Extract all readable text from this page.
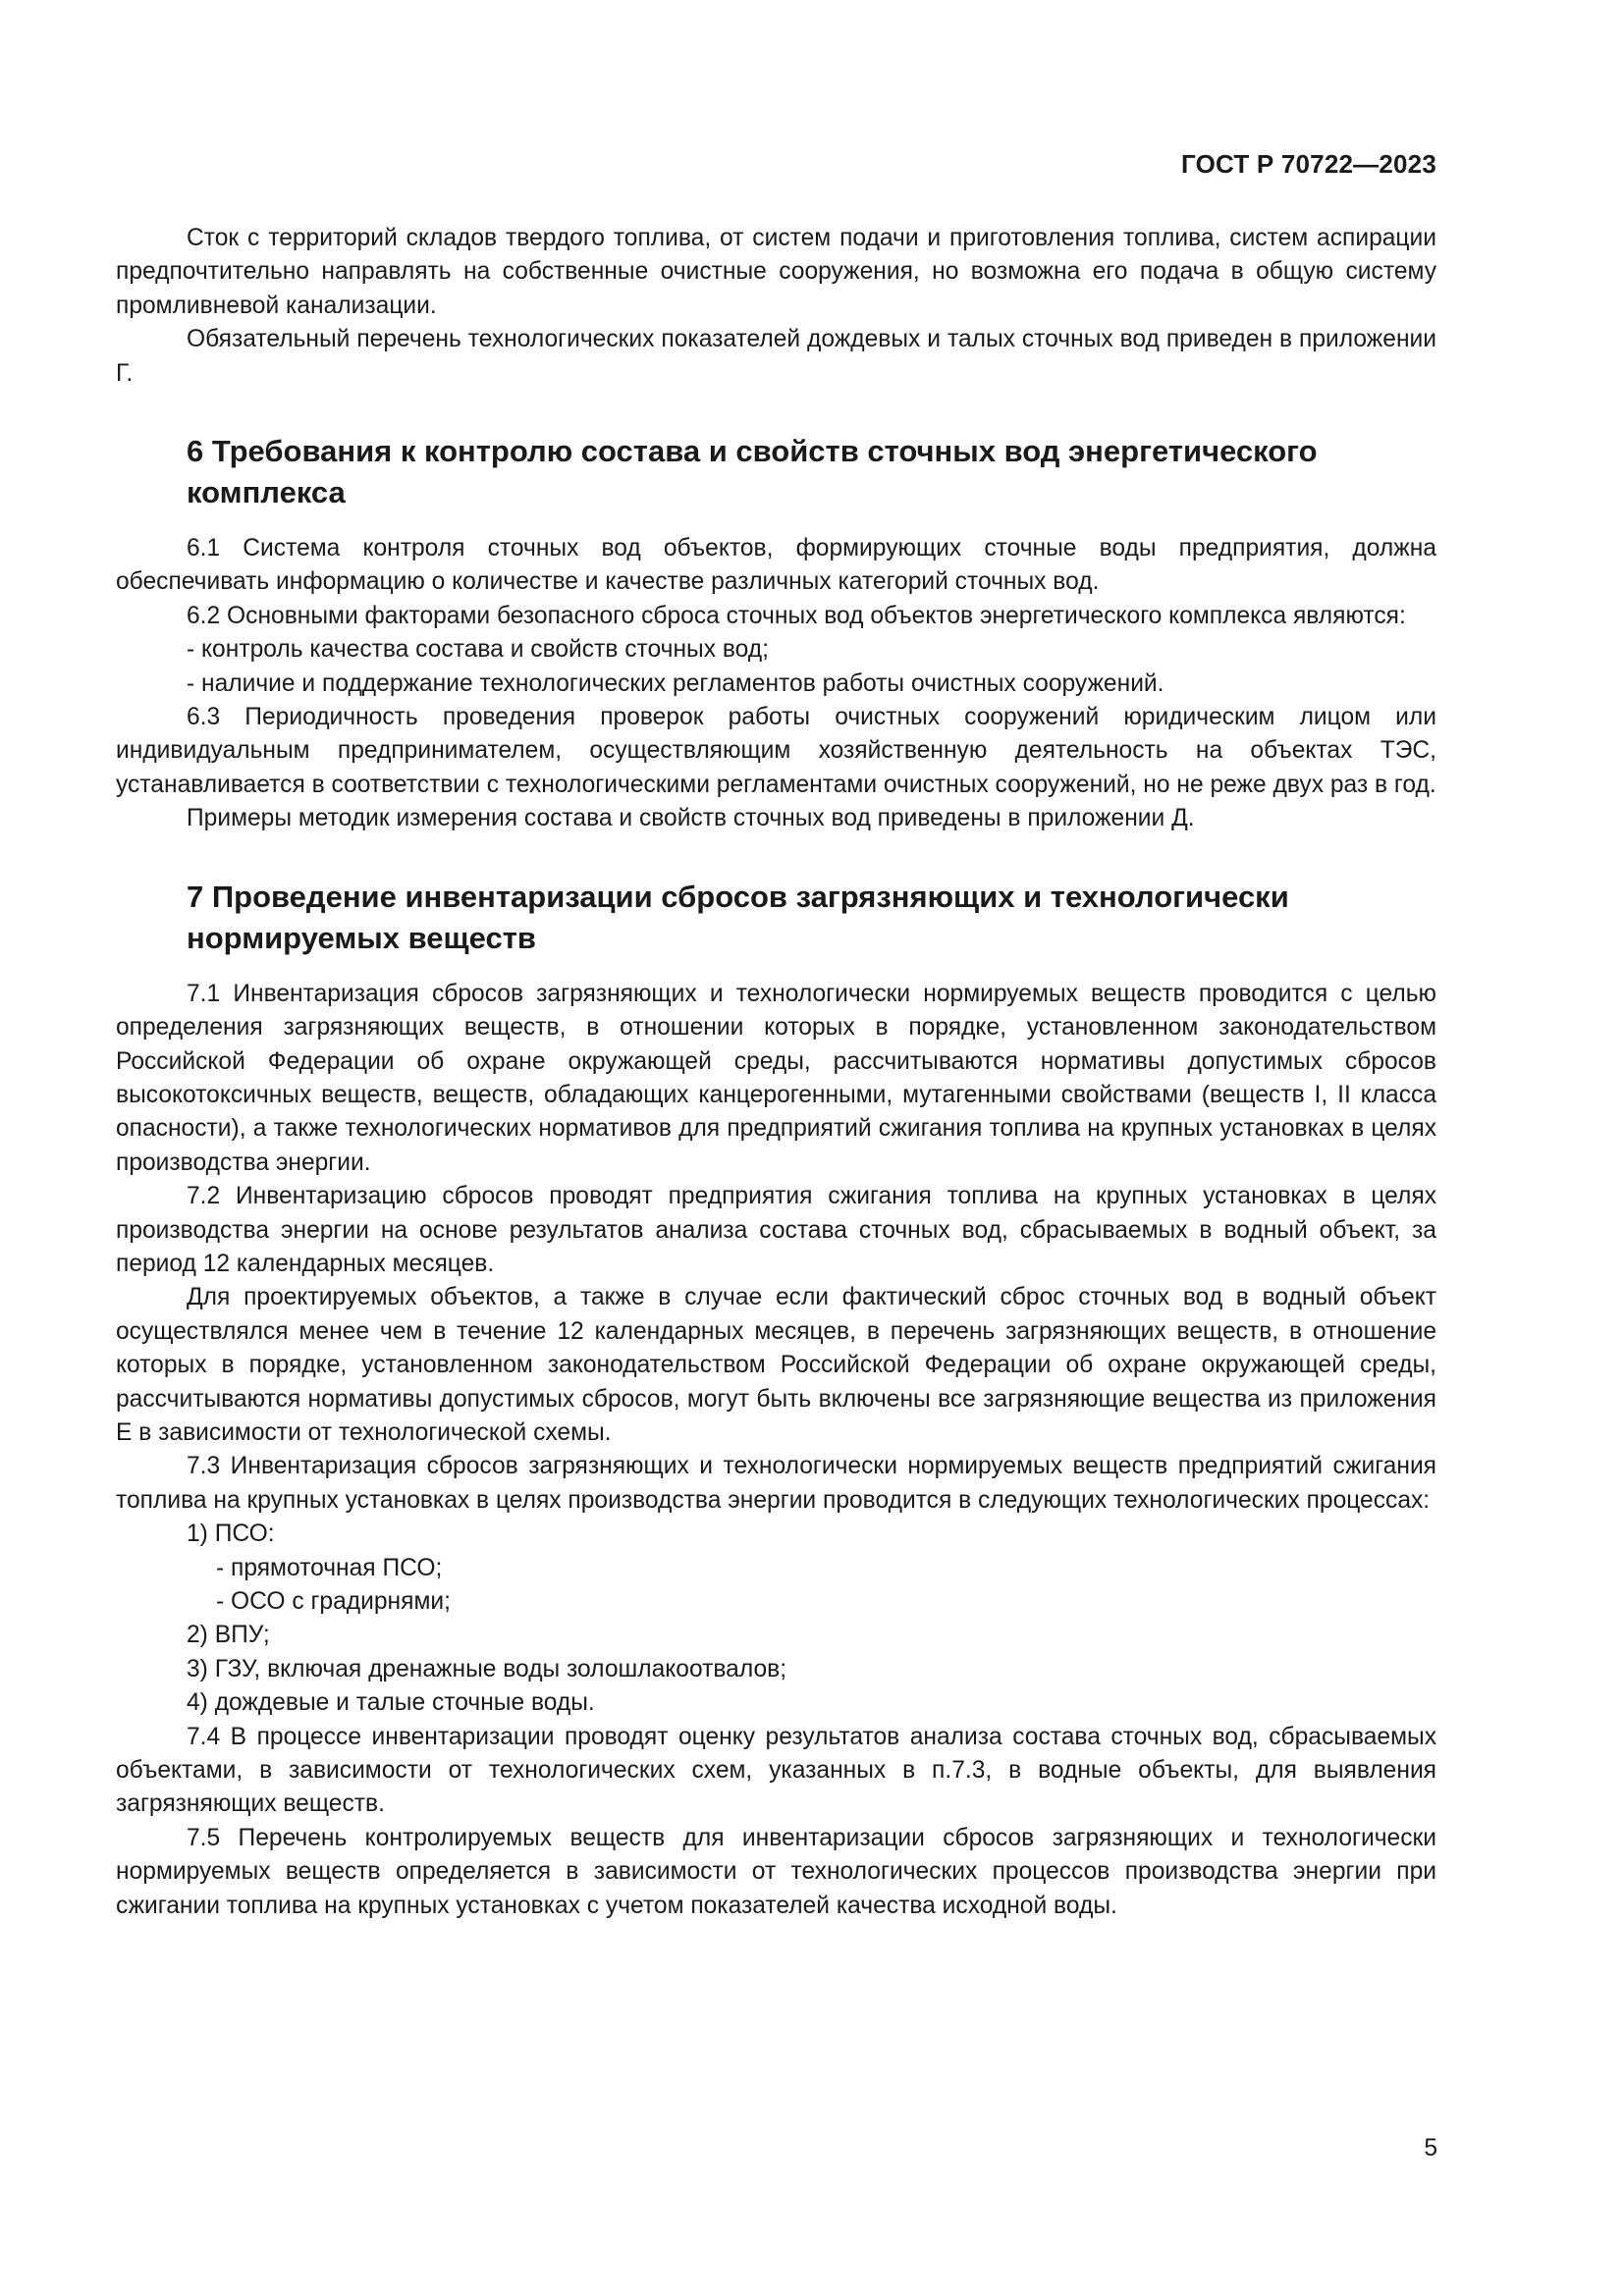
ГОСТ Р 70722—2023

Сток с территорий складов твердого топлива, от систем подачи и приготовления топлива, систем аспирации предпочтительно направлять на собственные очистные сооружения, но возможна его подача в общую систему промливневой канализации.

Обязательный перечень технологических показателей дождевых и талых сточных вод приведен в приложении Г.

6 Требования к контролю состава и свойств сточных вод энергетического комплекса

6.1 Система контроля сточных вод объектов, формирующих сточные воды предприятия, должна обеспечивать информацию о количестве и качестве различных категорий сточных вод.

6.2 Основными факторами безопасного сброса сточных вод объектов энергетического комплекса являются:

- контроль качества состава и свойств сточных вод;

- наличие и поддержание технологических регламентов работы очистных сооружений.

6.3 Периодичность проведения проверок работы очистных сооружений юридическим лицом или индивидуальным предпринимателем, осуществляющим хозяйственную деятельность на объектах ТЭС, устанавливается в соответствии с технологическими регламентами очистных сооружений, но не реже двух раз в год.

Примеры методик измерения состава и свойств сточных вод приведены в приложении Д.

7 Проведение инвентаризации сбросов загрязняющих и технологически нормируемых веществ

7.1 Инвентаризация сбросов загрязняющих и технологически нормируемых веществ проводится с целью определения загрязняющих веществ, в отношении которых в порядке, установленном законодательством Российской Федерации об охране окружающей среды, рассчитываются нормативы допустимых сбросов высокотоксичных веществ, веществ, обладающих канцерогенными, мутагенными свойствами (веществ I, II класса опасности), а также технологических нормативов для предприятий сжигания топлива на крупных установках в целях производства энергии.

7.2 Инвентаризацию сбросов проводят предприятия сжигания топлива на крупных установках в целях производства энергии на основе результатов анализа состава сточных вод, сбрасываемых в водный объект, за период 12 календарных месяцев.

Для проектируемых объектов, а также в случае если фактический сброс сточных вод в водный объект осуществлялся менее чем в течение 12 календарных месяцев, в перечень загрязняющих веществ, в отношение которых в порядке, установленном законодательством Российской Федерации об охране окружающей среды, рассчитываются нормативы допустимых сбросов, могут быть включены все загрязняющие вещества из приложения Е в зависимости от технологической схемы.

7.3 Инвентаризация сбросов загрязняющих и технологически нормируемых веществ предприятий сжигания топлива на крупных установках в целях производства энергии проводится в следующих технологических процессах:

1) ПСО:

- прямоточная ПСО;

- ОСО с градирнями;

2) ВПУ;

3) ГЗУ, включая дренажные воды золошлакоотвалов;

4) дождевые и талые сточные воды.

7.4 В процессе инвентаризации проводят оценку результатов анализа состава сточных вод, сбрасываемых объектами, в зависимости от технологических схем, указанных в п.7.3, в водные объекты, для выявления загрязняющих веществ.

7.5 Перечень контролируемых веществ для инвентаризации сбросов загрязняющих и технологически нормируемых веществ определяется в зависимости от технологических процессов производства энергии при сжигании топлива на крупных установках с учетом показателей качества исходной воды.

5
